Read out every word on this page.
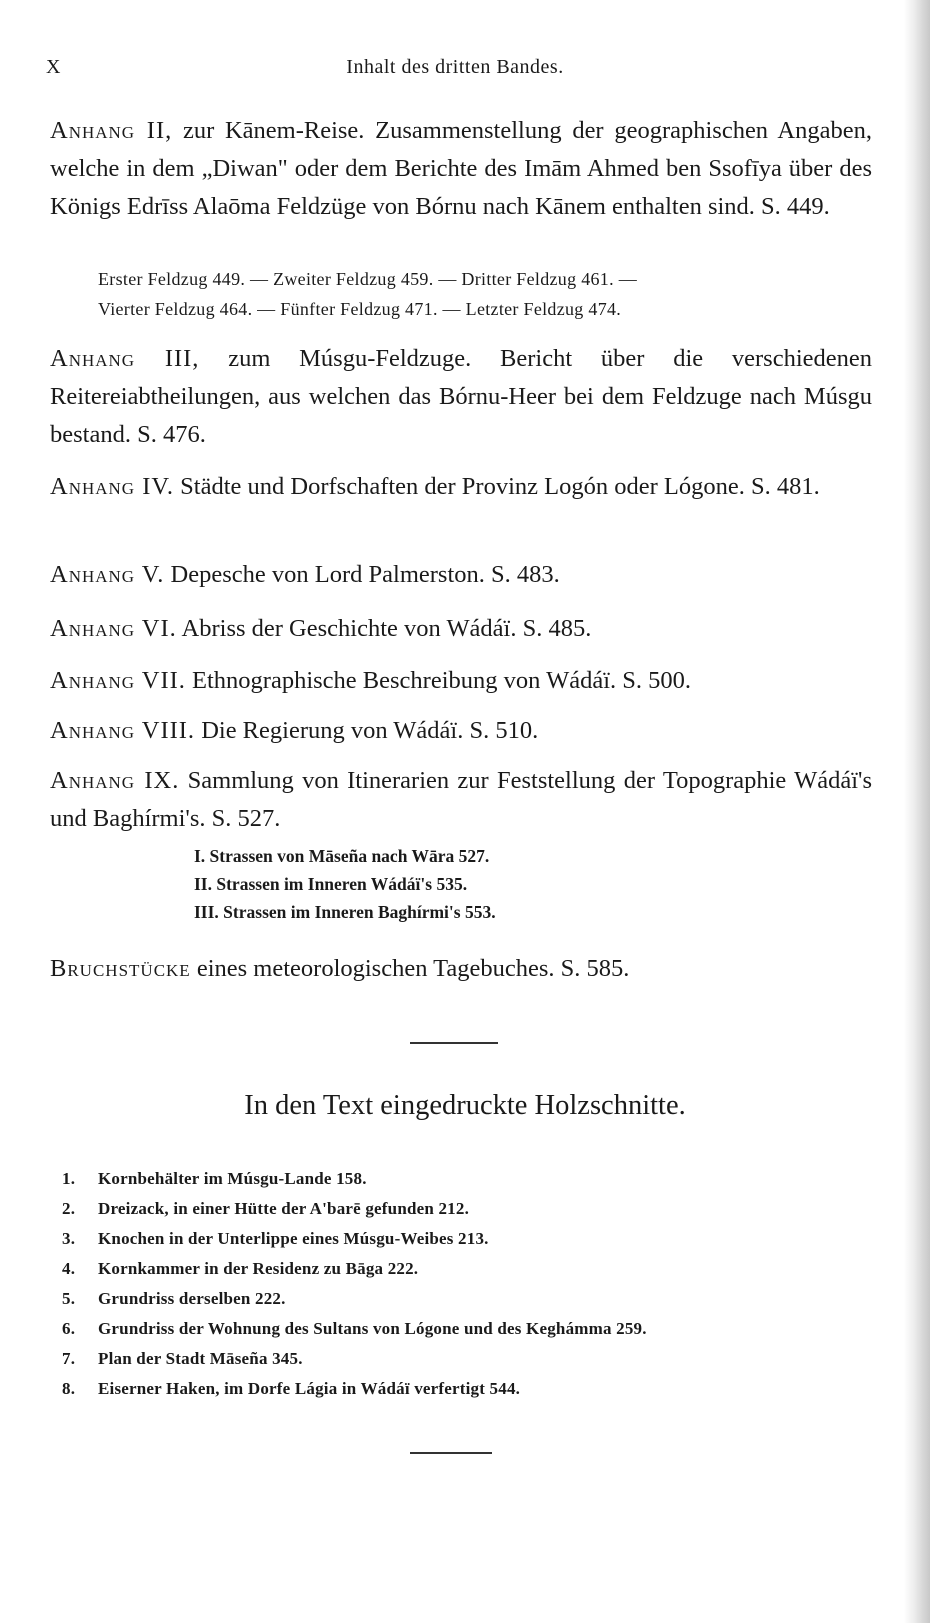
X	Inhalt des dritten Bandes.
Anhang II, zur Kānem-Reise. Zusammenstellung der geographischen Angaben, welche in dem „Diwan" oder dem Berichte des Imām Ahmed ben Ssofīya über des Königs Edrīss Alaōma Feldzüge von Bórnu nach Kānem enthalten sind. S. 449.
Erster Feldzug 449. — Zweiter Feldzug 459. — Dritter Feldzug 461. —
Vierter Feldzug 464. — Fünfter Feldzug 471. — Letzter Feldzug 474.
Anhang III, zum Músgu-Feldzuge. Bericht über die verschiedenen Reitereiabtheilungen, aus welchen das Bórnu-Heer bei dem Feldzuge nach Músgu bestand. S. 476.
Anhang IV. Städte und Dorfschaften der Provinz Logón oder Lógone. S. 481.
Anhang V. Depesche von Lord Palmerston. S. 483.
Anhang VI. Abriss der Geschichte von Wádáï. S. 485.
Anhang VII. Ethnographische Beschreibung von Wádáï. S. 500.
Anhang VIII. Die Regierung von Wádáï. S. 510.
Anhang IX. Sammlung von Itinerarien zur Feststellung der Topographie Wádáï's und Baghírmi's. S. 527.
I. Strassen von Māseña nach Wāra 527.
II. Strassen im Inneren Wádáï's 535.
III. Strassen im Inneren Baghírmi's 553.
Bruchstücke eines meteorologischen Tagebuches. S. 585.
In den Text eingedruckte Holzschnitte.
1. Kornbehälter im Músgu-Lande 158.
2. Dreizack, in einer Hütte der A'barē gefunden 212.
3. Knochen in der Unterlippe eines Músgu-Weibes 213.
4. Kornkammer in der Residenz zu Bāga 222.
5. Grundriss derselben 222.
6. Grundriss der Wohnung des Sultans von Lógone und des Keghámma 259.
7. Plan der Stadt Māseña 345.
8. Eiserner Haken, im Dorfe Lágia in Wádáï verfertigt 544.
